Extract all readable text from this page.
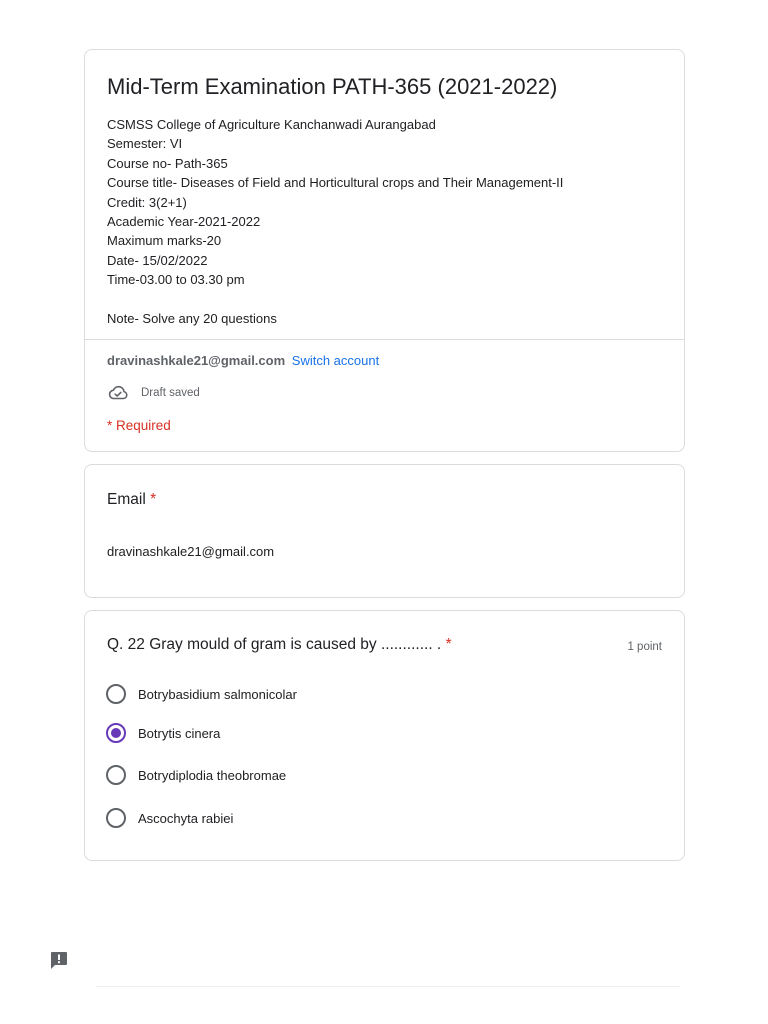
Mid-Term Examination PATH-365 (2021-2022)
CSMSS College of Agriculture Kanchanwadi Aurangabad
Semester: VI
Course no- Path-365
Course title- Diseases of Field and Horticultural crops and Their Management-II
Credit: 3(2+1)
Academic Year-2021-2022
Maximum marks-20
Date- 15/02/2022
Time-03.00 to 03.30 pm
Note- Solve any 20 questions
dravinashkale21@gmail.com Switch account
Draft saved
* Required
Email *
dravinashkale21@gmail.com
Q. 22 Gray mould of gram is caused by ............ . *	1 point
Botrybasidium salmonicolar
Botrytis cinera
Botrydiplodia theobromae
Ascochyta rabiei
